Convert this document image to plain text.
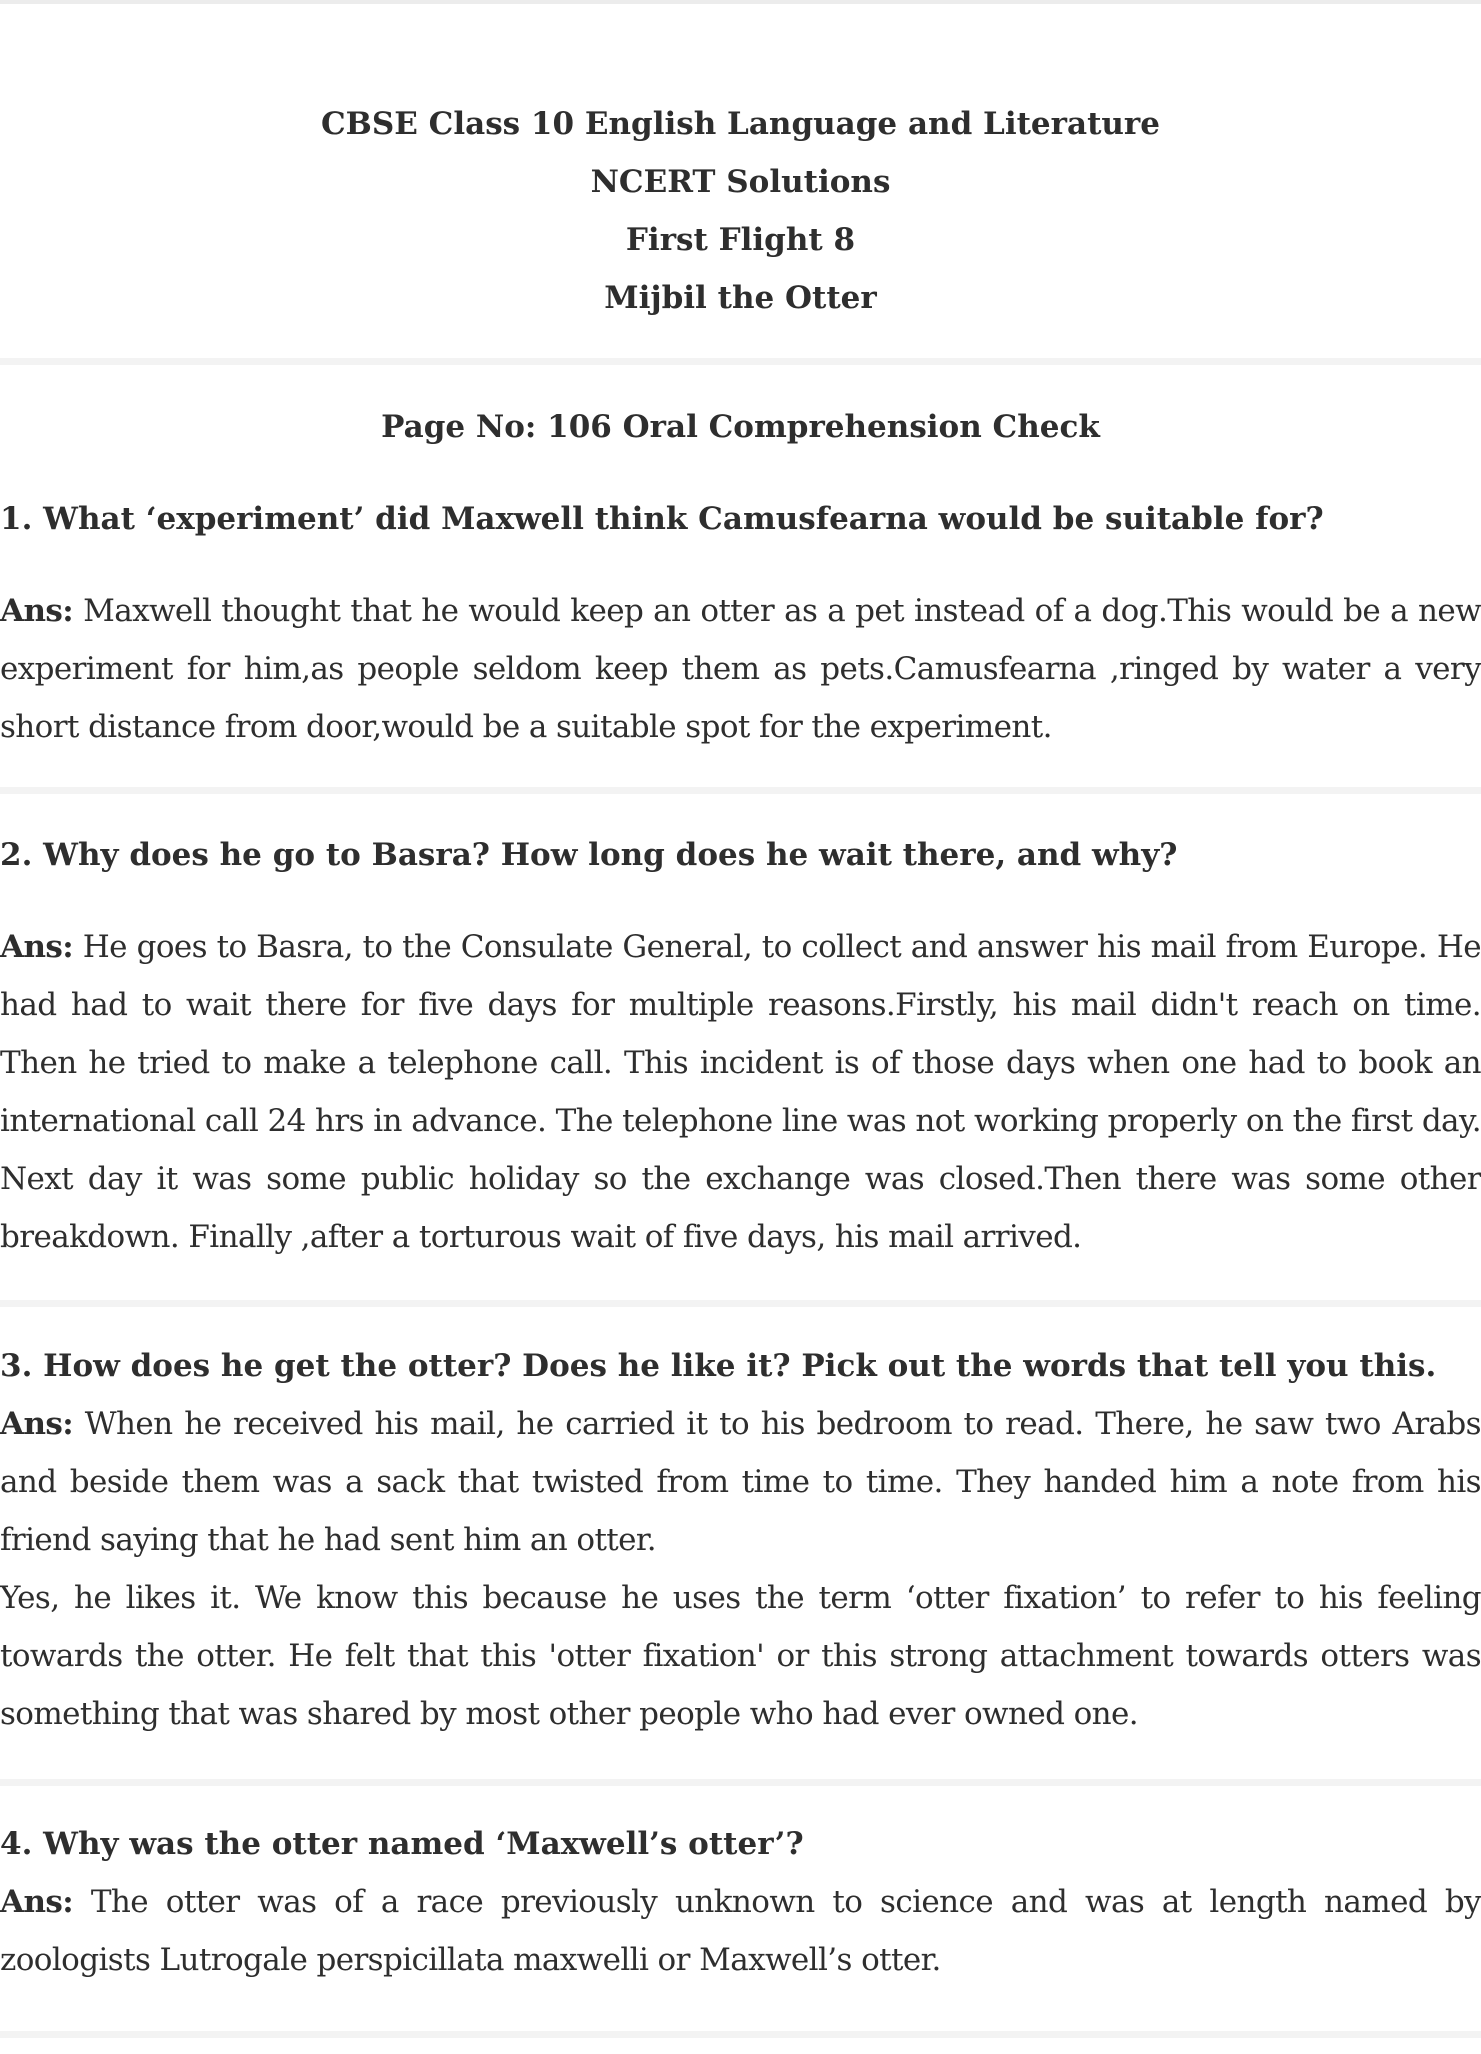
CBSE Class 10 English Language and Literature
NCERT Solutions
First Flight 8
Mijbil the Otter
Page No: 106 Oral Comprehension Check

1. What ‘experiment’ did Maxwell think Camusfearna would be suitable for?

Ans: Maxwell thought that he would keep an otter as a pet instead of a dog.This would be a new experiment for him,as people seldom keep them as pets.Camusfearna ,ringed by water a very short distance from door,would be a suitable spot for the experiment.

2. Why does he go to Basra? How long does he wait there, and why?

Ans: He goes to Basra, to the Consulate General, to collect and answer his mail from Europe. He had had to wait there for five days for multiple reasons.Firstly, his mail didn't reach on time. Then he tried to make a telephone call. This incident is of those days when one had to book an international call 24 hrs in advance. The telephone line was not working properly on the first day. Next day it was some public holiday so the exchange was closed.Then there was some other breakdown. Finally ,after a torturous wait of five days, his mail arrived.

3. How does he get the otter? Does he like it? Pick out the words that tell you this.

Ans: When he received his mail, he carried it to his bedroom to read. There, he saw two Arabs and beside them was a sack that twisted from time to time. They handed him a note from his friend saying that he had sent him an otter.

Yes, he likes it. We know this because he uses the term ‘otter fixation’ to refer to his feeling towards the otter. He felt that this 'otter fixation' or this strong attachment towards otters was something that was shared by most other people who had ever owned one.

4. Why was the otter named ‘Maxwell’s otter’?

Ans: The otter was of a race previously unknown to science and was at length named by zoologists Lutrogale perspicillata maxwelli or Maxwell’s otter.
